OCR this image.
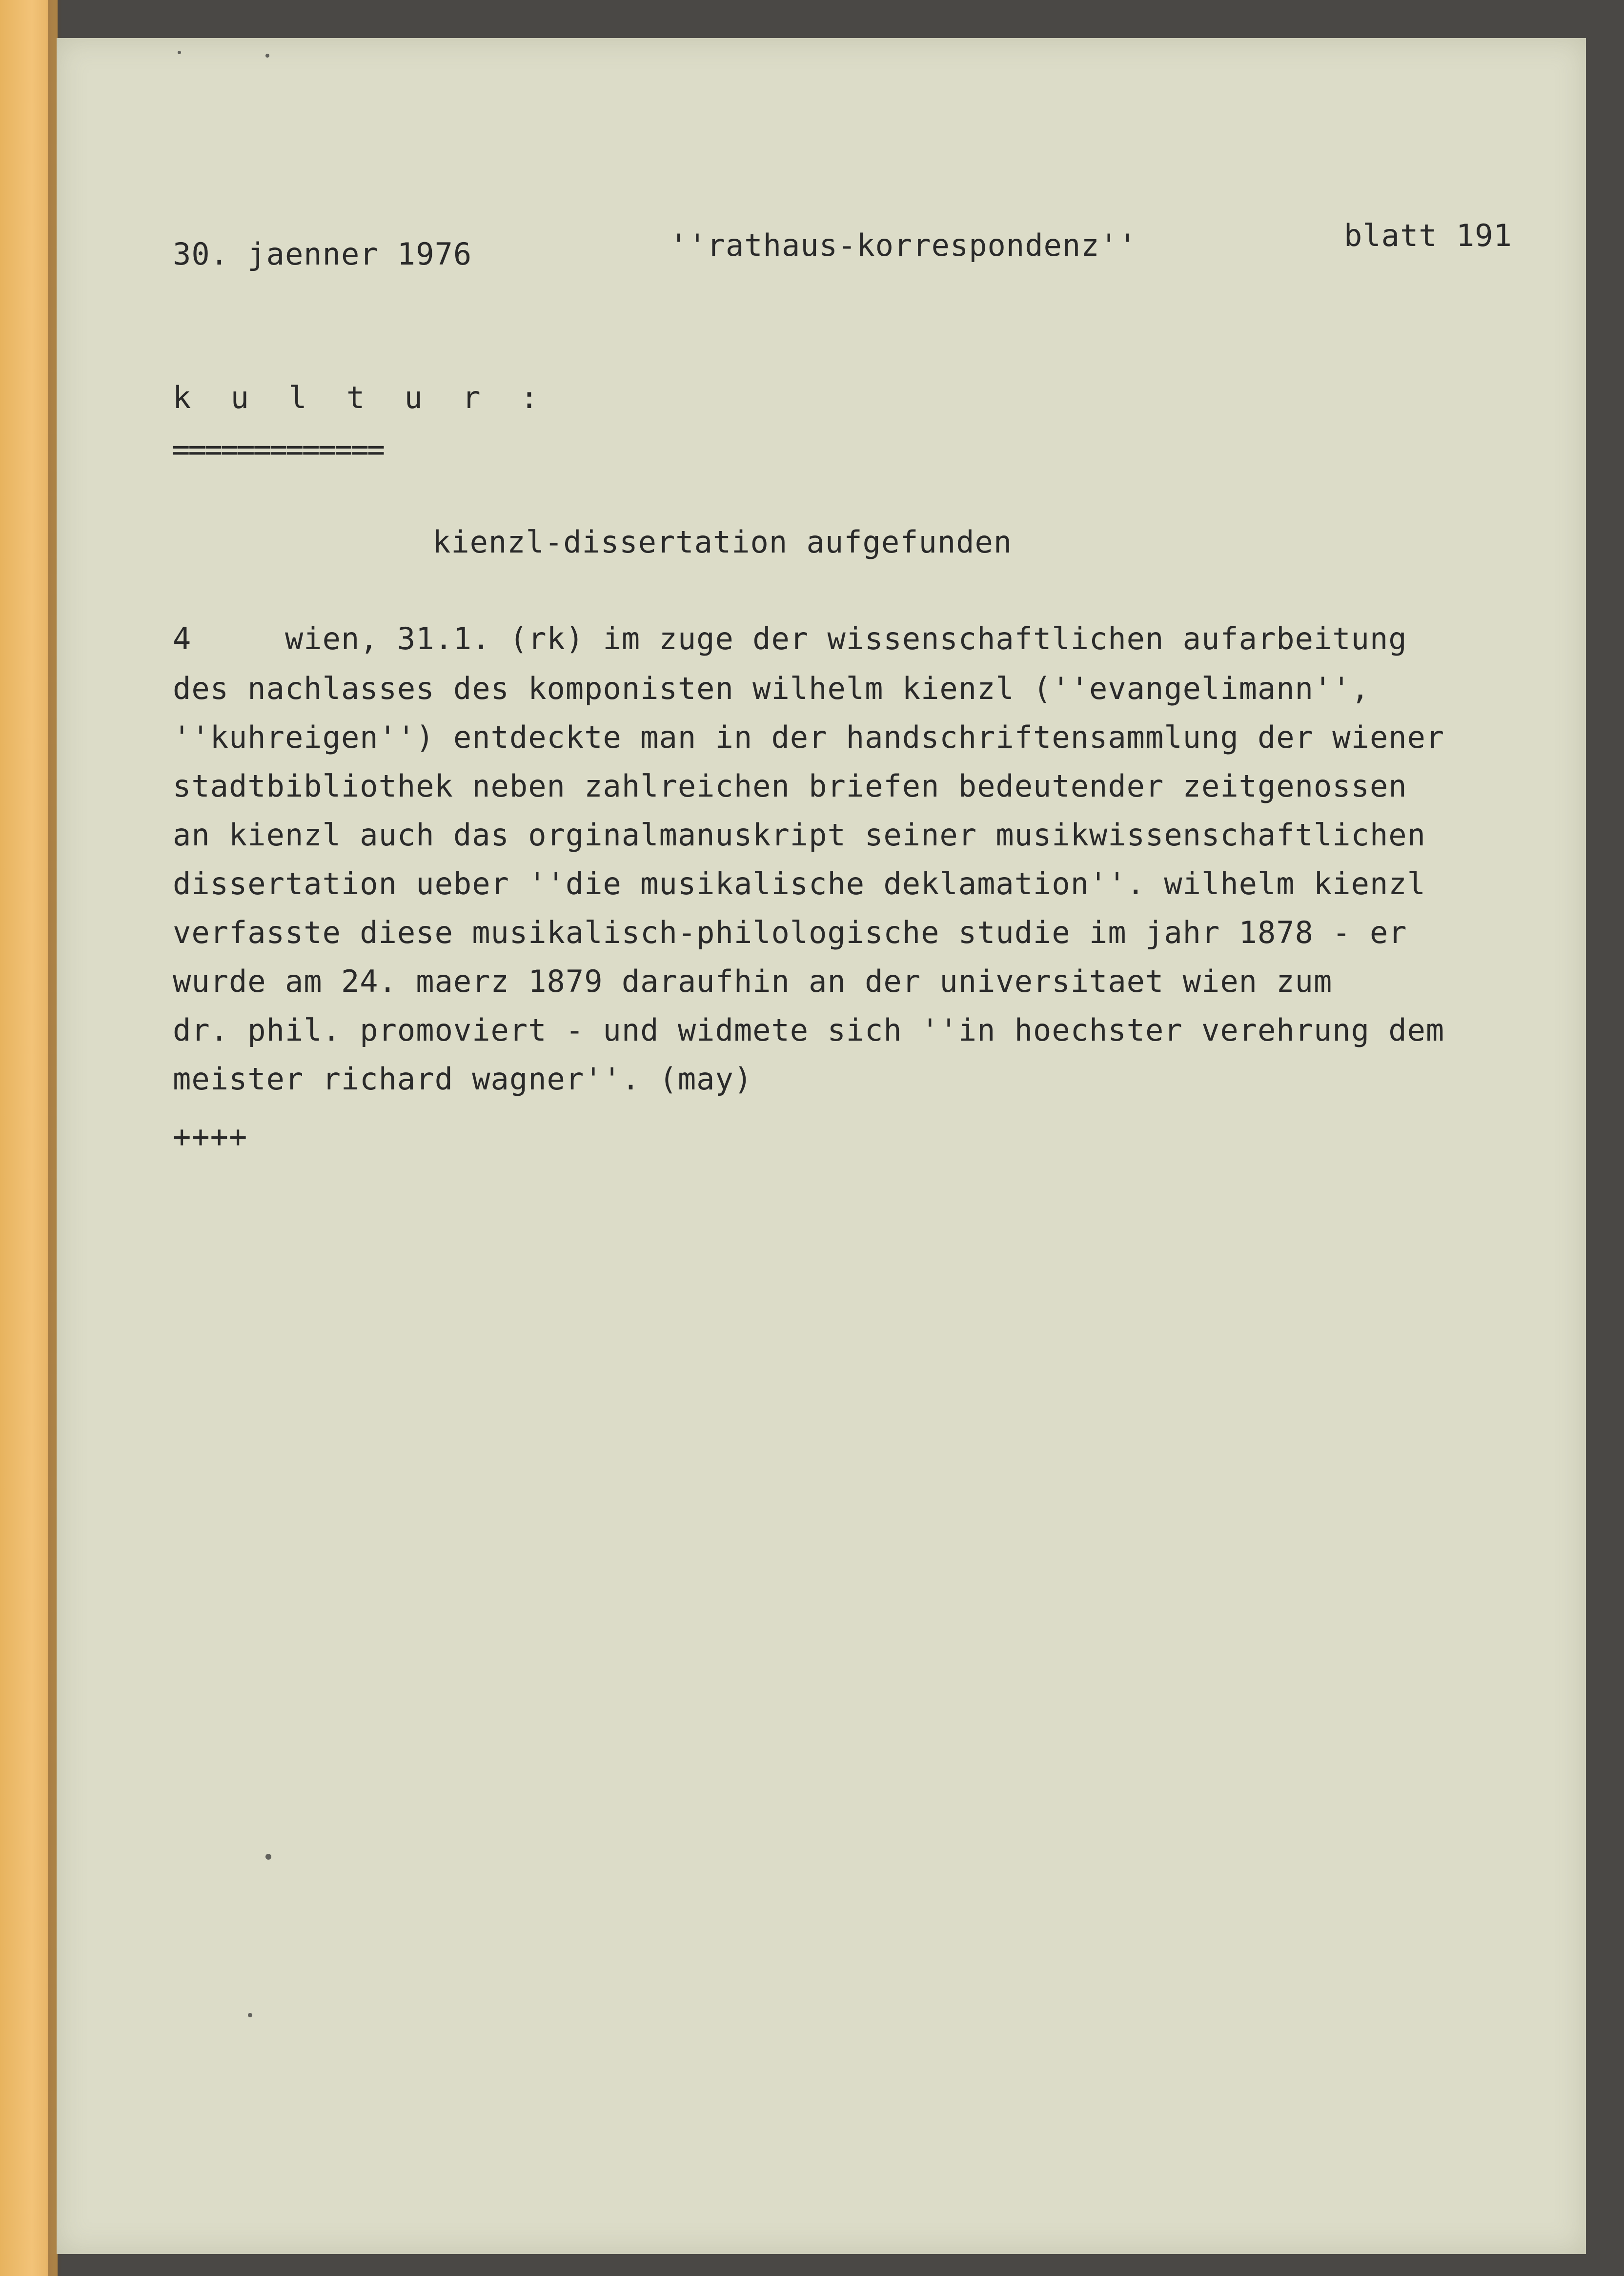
30. jaenner 1976	''rathaus-korrespondenz''	blatt 191
k u l t u r :
=============
kienzl-dissertation aufgefunden
4     wien, 31.1. (rk) im zuge der wissenschaftlichen aufarbeitung
des nachlasses des komponisten wilhelm kienzl (''evangelimann'',
''kuhreigen'') entdeckte man in der handschriftensammlung der wiener
stadtbibliothek neben zahlreichen briefen bedeutender zeitgenossen
an kienzl auch das orginalmanuskript seiner musikwissenschaftlichen
dissertation ueber ''die musikalische deklamation''. wilhelm kienzl
verfasste diese musikalisch-philologische studie im jahr 1878 - er
wurde am 24. maerz 1879 daraufhin an der universitaet wien zum
dr. phil. promoviert - und widmete sich ''in hoechster verehrung dem
meister richard wagner''. (may)
++++
